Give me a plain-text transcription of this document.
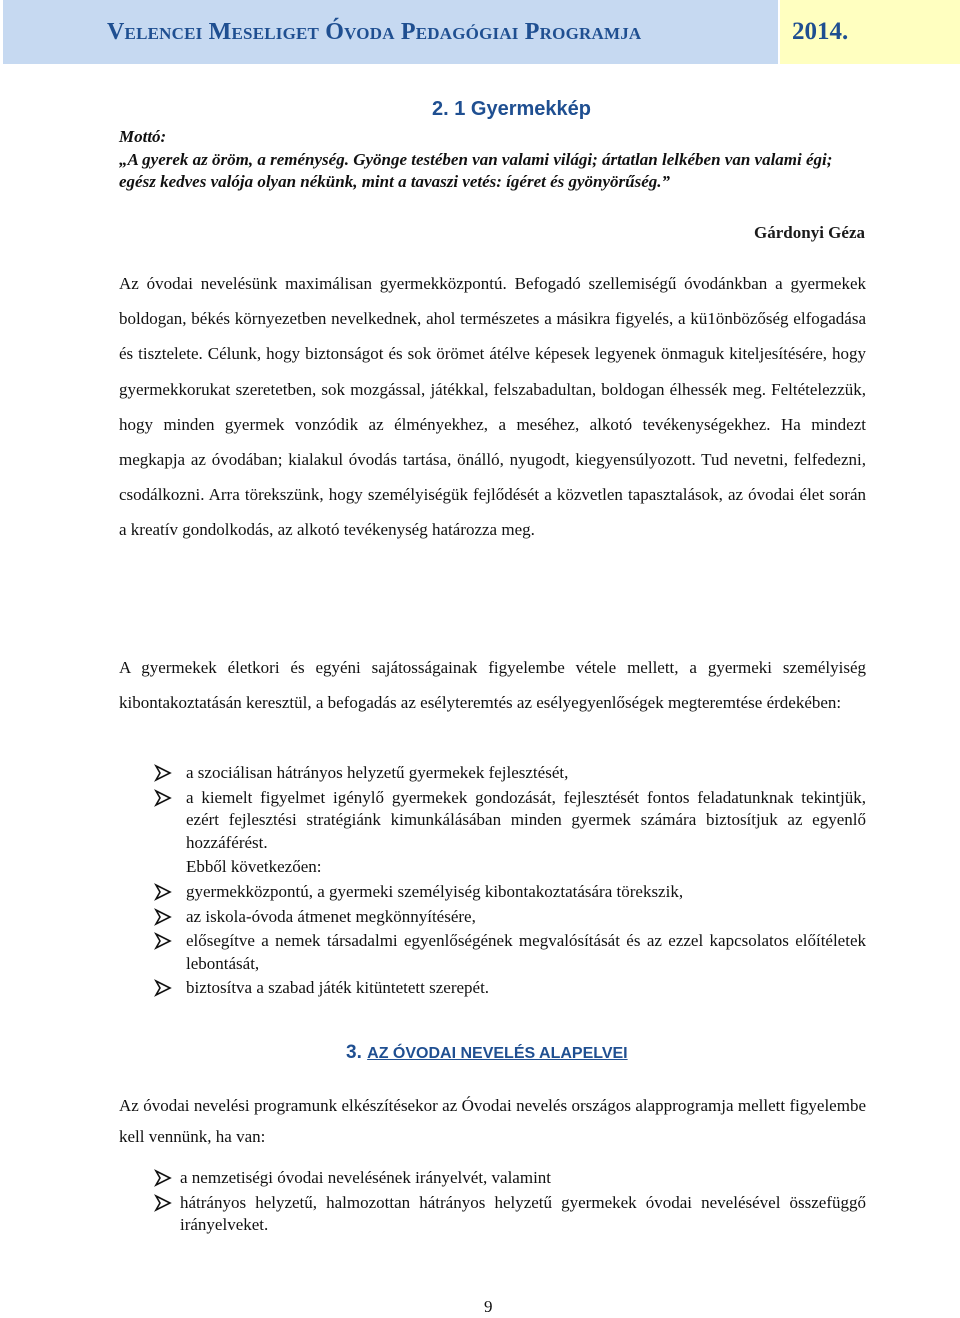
Velencei Meseliget Óvoda Pedagógiai Programja	2014.
2. 1 Gyermekkép
Mottó:
„A gyerek az öröm, a reménység. Gyönge testében van valami világi; ártatlan lelkében van valami égi; egész kedves valója olyan nékünk, mint a tavaszi vetés: ígéret és gyönyörűség.”
Gárdonyi Géza
Az óvodai nevelésünk maximálisan gyermekközpontú. Befogadó szellemiségű óvodánkban a gyermekek boldogan, békés környezetben nevelkednek, ahol természetes a másikra figyelés, a kü1önbözőség elfogadása és tisztelete. Célunk, hogy biztonságot és sok örömet átélve képesek legyenek önmaguk kiteljesítésére, hogy gyermekkorukat szeretetben, sok mozgással, játékkal, felszabadultan, boldogan élhessék meg. Feltételezzük, hogy minden gyermek vonzódik az élményekhez, a meséhez, alkotó tevékenységekhez. Ha mindezt megkapja az óvodában; kialakul óvodás tartása, önálló, nyugodt, kiegyensúlyozott. Tud nevetni, felfedezni, csodálkozni. Arra törekszünk, hogy személyiségük fejlődését a közvetlen tapasztalások, az óvodai élet során a kreatív gondolkodás, az alkotó tevékenység határozza meg.
A gyermekek életkori és egyéni sajátosságainak figyelembe vétele mellett, a gyermeki személyiség kibontakoztatásán keresztül, a befogadás az esélyteremtés az esélyegyenlőségek megteremtése érdekében:
a szociálisan hátrányos helyzetű gyermekek fejlesztését,
a kiemelt figyelmet igénylő gyermekek gondozását, fejlesztését fontos feladatunknak tekintjük, ezért fejlesztési stratégiánk kimunkálásában minden gyermek számára biztosítjuk az egyenlő hozzáférést.
Ebből következően:
gyermekközpontú, a gyermeki személyiség kibontakoztatására törekszik,
az iskola-óvoda átmenet megkönnyítésére,
elősegítve a nemek társadalmi egyenlőségének megvalósítását és az ezzel kapcsolatos előítéletek lebontását,
biztosítva a szabad játék kitüntetett szerepét.
3. AZ ÓVODAI NEVELÉS ALAPELVEI
Az óvodai nevelési programunk elkészítésekor az Óvodai nevelés országos alapprogramja mellett figyelembe kell vennünk, ha van:
a nemzetiségi óvodai nevelésének irányelvét, valamint
hátrányos helyzetű, halmozottan hátrányos helyzetű gyermekek óvodai nevelésével összefüggő irányelveket.
9
